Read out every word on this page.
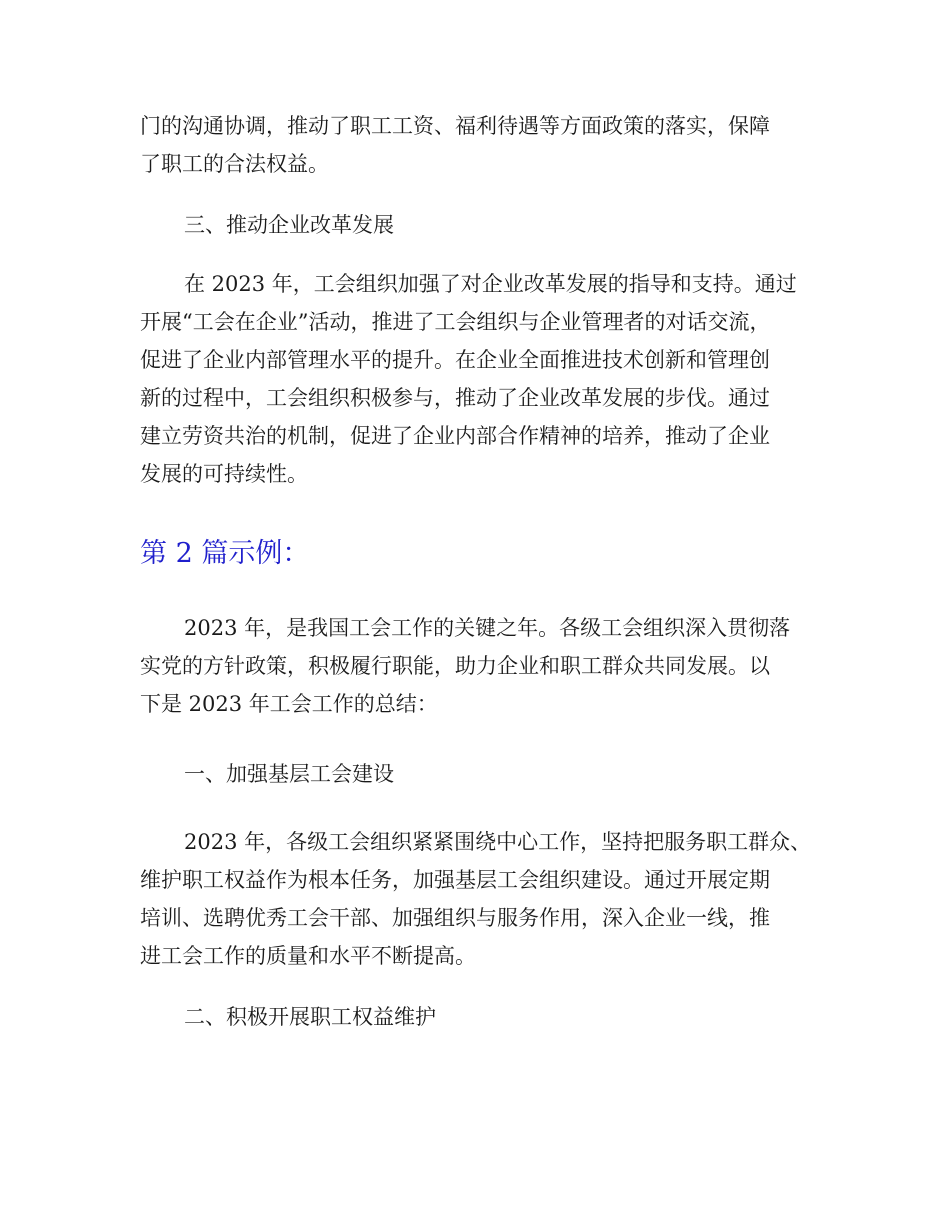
门的沟通协调，推动了职工工资、福利待遇等方面政策的落实，保障
了职工的合法权益。
三、推动企业改革发展
在 2023 年，工会组织加强了对企业改革发展的指导和支持。通过
开展“工会在企业”活动，推进了工会组织与企业管理者的对话交流，
促进了企业内部管理水平的提升。在企业全面推进技术创新和管理创
新的过程中，工会组织积极参与，推动了企业改革发展的步伐。通过
建立劳资共治的机制，促进了企业内部合作精神的培养，推动了企业
发展的可持续性。
第 2 篇示例：
2023 年，是我国工会工作的关键之年。各级工会组织深入贯彻落
实党的方针政策，积极履行职能，助力企业和职工群众共同发展。以
下是 2023 年工会工作的总结：
一、加强基层工会建设
2023 年，各级工会组织紧紧围绕中心工作，坚持把服务职工群众、
维护职工权益作为根本任务，加强基层工会组织建设。通过开展定期
培训、选聘优秀工会干部、加强组织与服务作用，深入企业一线，推
进工会工作的质量和水平不断提高。
二、积极开展职工权益维护
